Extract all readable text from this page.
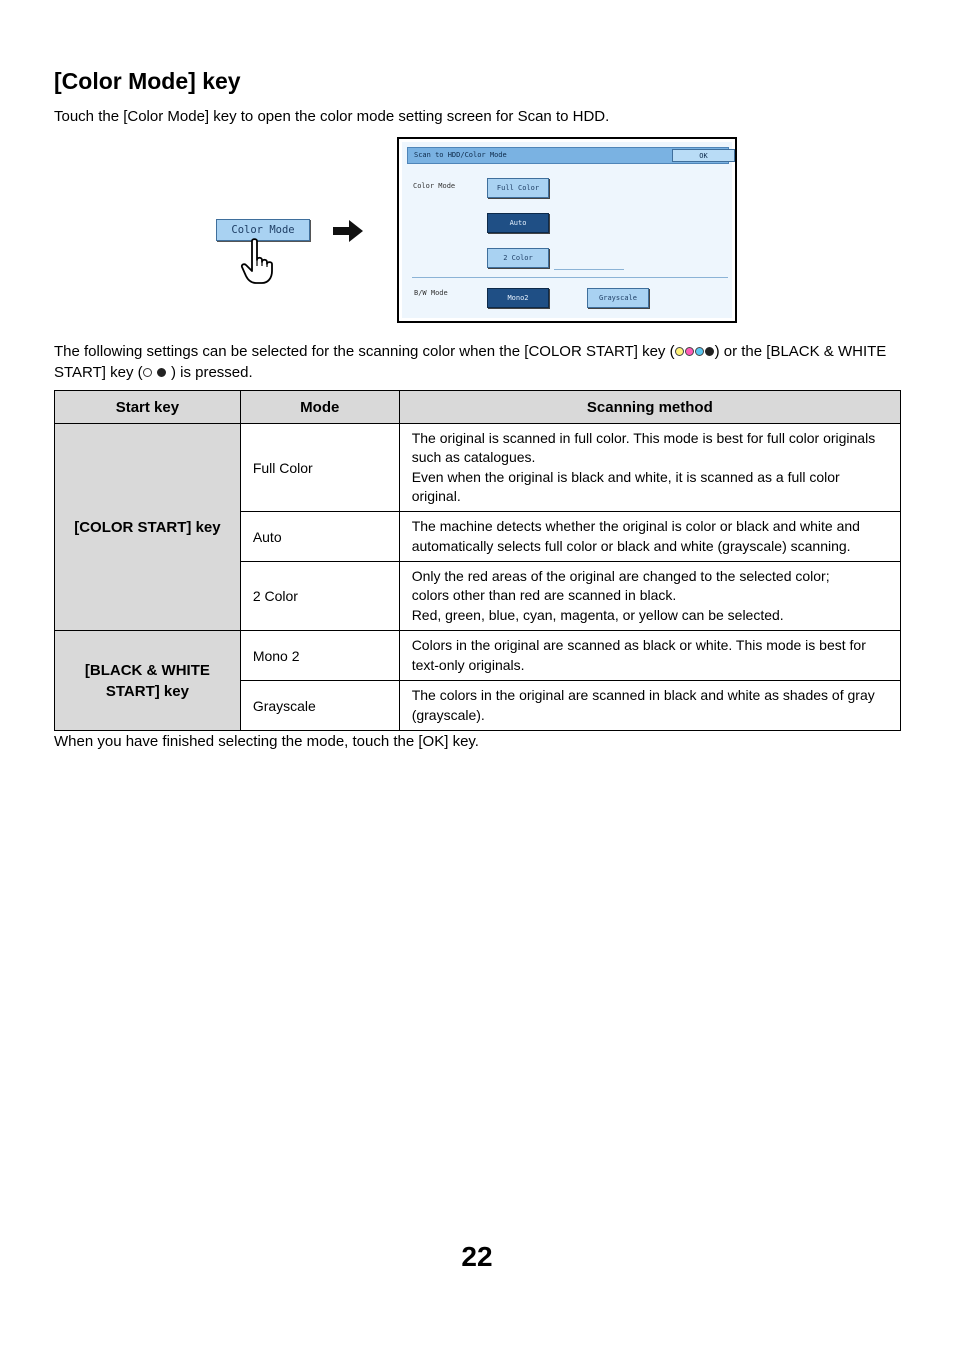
[Color Mode] key
Touch the [Color Mode] key to open the color mode setting screen for Scan to HDD.
Color Mode
Scan to HDD/Color Mode	OK
Color Mode	Full Color
Auto
2 Color
B/W Mode
Mono2	Grayscale
The following settings can be selected for the scanning color when the [COLOR START] key (	) or the [BLACK & WHITE START] key ( ) is pressed.
Start key	Mode	Scanning method
[COLOR START] key	Full Color	The original is scanned in full color. This mode is best for full color originals
such as catalogues.
Even when the original is black and white, it is scanned as a full color
original.

	Auto	The machine detects whether the original is color or black and white and
automatically selects full color or black and white (grayscale) scanning.

	2 Color	Only the red areas of the original are changed to the selected color;
colors other than red are scanned in black.
Red, green, blue, cyan, magenta, or yellow can be selected.

[BLACK & WHITE
START] key	Mono 2	Colors in the original are scanned as black or white. This mode is best for
text-only originals.

	Grayscale	The colors in the original are scanned in black and white as shades of gray
(grayscale).
When you have finished selecting the mode, touch the [OK] key.
22
